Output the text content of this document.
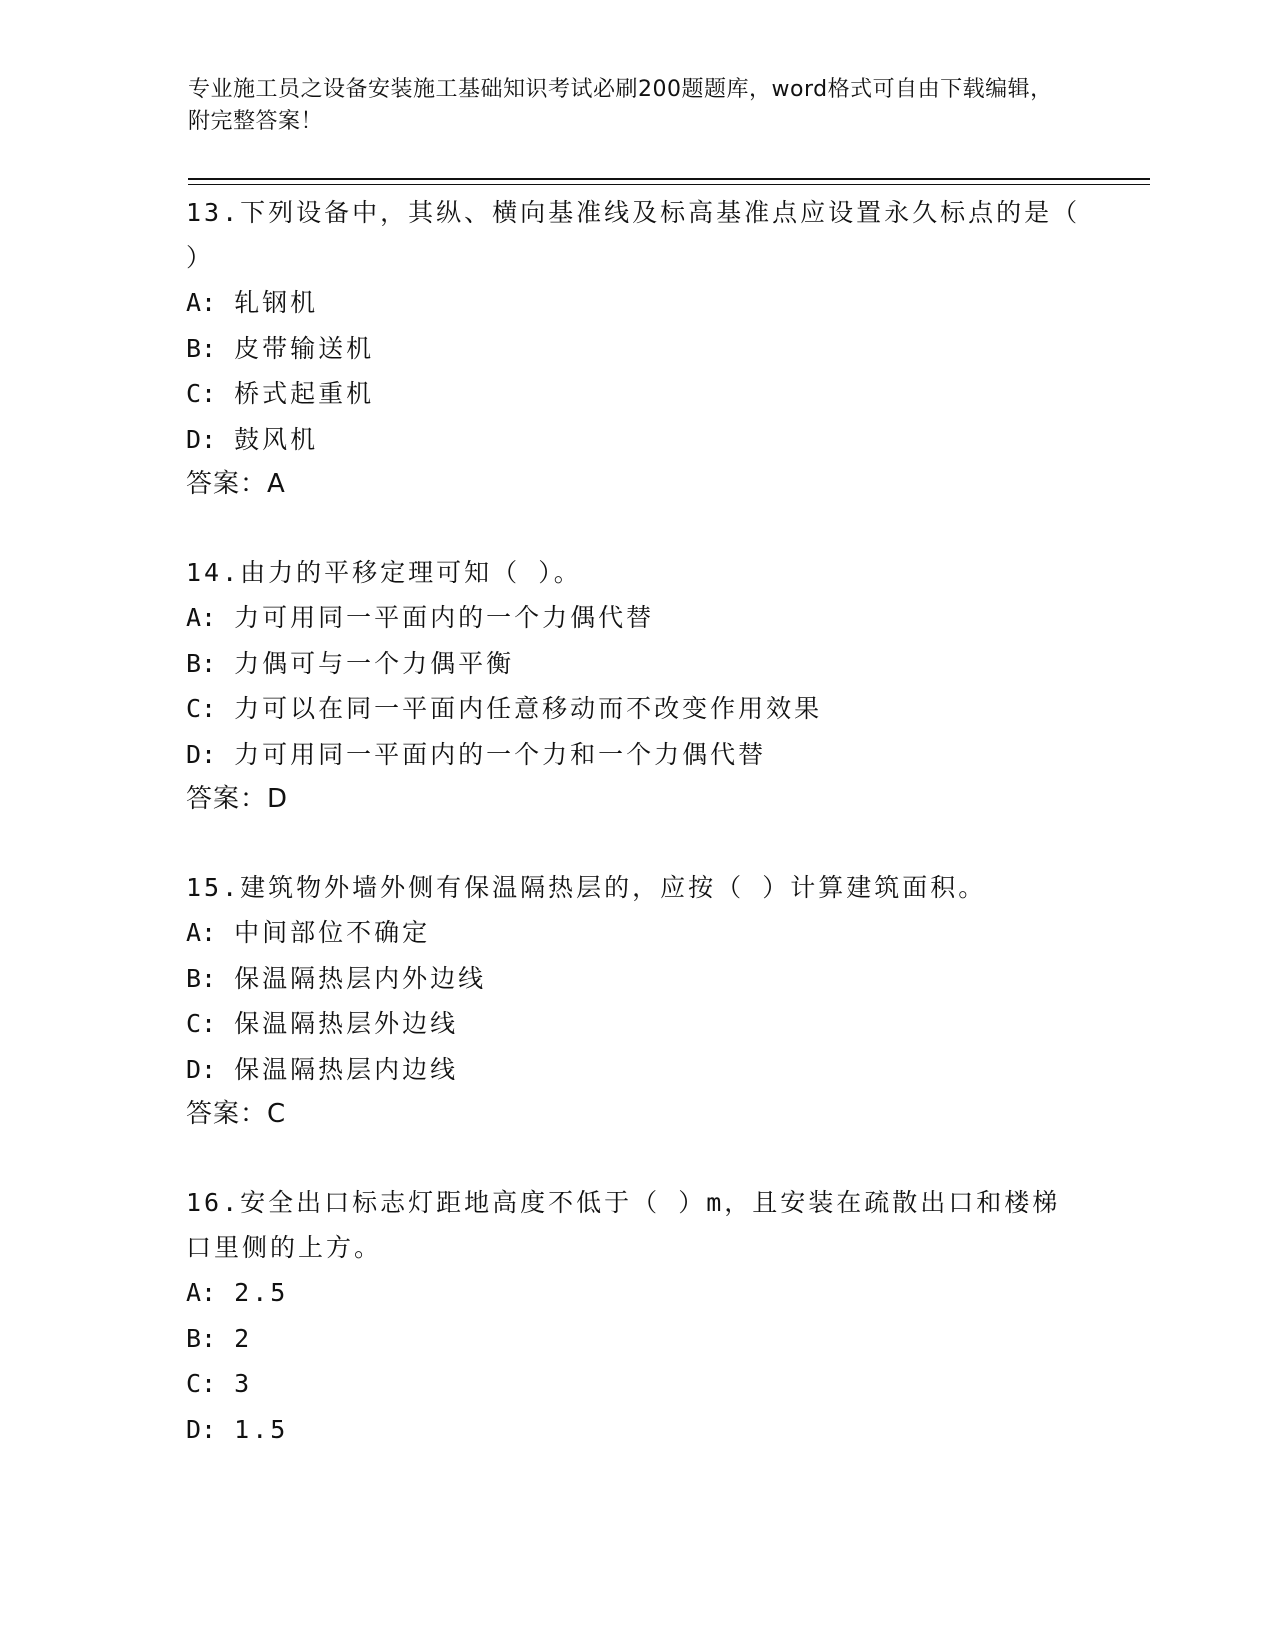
专业施工员之设备安装施工基础知识考试必刷200题题库，word格式可自由下载编辑，附完整答案！
13.下列设备中，其纵、横向基准线及标高基准点应设置永久标点的是（ ）
A: 轧钢机
B: 皮带输送机
C: 桥式起重机
D: 鼓风机
答案：A
14.由力的平移定理可知（ ）。
A: 力可用同一平面内的一个力偶代替
B: 力偶可与一个力偶平衡
C: 力可以在同一平面内任意移动而不改变作用效果
D: 力可用同一平面内的一个力和一个力偶代替
答案：D
15.建筑物外墙外侧有保温隔热层的，应按（ ）计算建筑面积。
A: 中间部位不确定
B: 保温隔热层内外边线
C: 保温隔热层外边线
D: 保温隔热层内边线
答案：C
16.安全出口标志灯距地高度不低于（ ）m，且安装在疏散出口和楼梯口里侧的上方。
A: 2.5
B: 2
C: 3
D: 1.5
